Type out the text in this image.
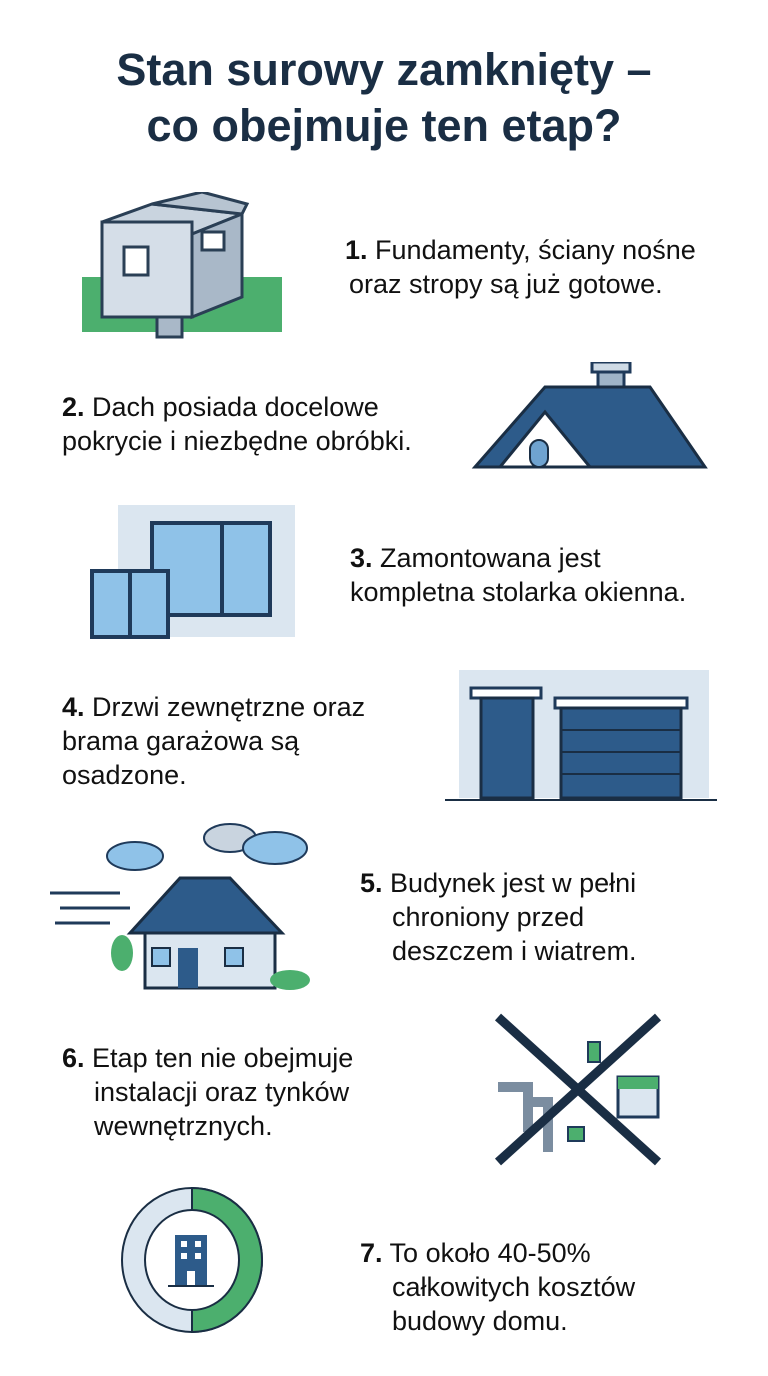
Stan surowy zamknięty –
co obejmuje ten etap?
1. Fundamenty, ściany nośne
oraz stropy są już gotowe.
2. Dach posiada docelowe
pokrycie i niezbędne obróbki.
3. Zamontowana jest
kompletna stolarka okienna.
4. Drzwi zewnętrzne oraz
brama garażowa są
osadzone.
5. Budynek jest w pełni
chroniony przed
deszczem i wiatrem.
6. Etap ten nie obejmuje
instalacji oraz tynków
wewnętrznych.
7. To około 40-50%
całkowitych kosztów
budowy domu.
